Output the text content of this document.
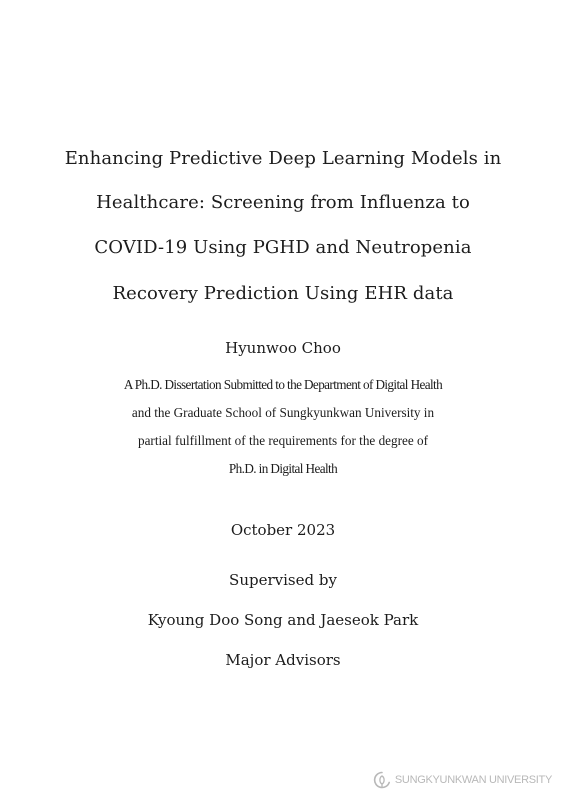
Enhancing Predictive Deep Learning Models in
Healthcare: Screening from Influenza to
COVID-19 Using PGHD and Neutropenia
Recovery Prediction Using EHR data
Hyunwoo Choo
A Ph.D. Dissertation Submitted to the Department of Digital Health
and the Graduate School of Sungkyunkwan University in
partial fulfillment of the requirements for the degree of
Ph.D. in Digital Health
October 2023
Supervised by
Kyoung Doo Song and Jaeseok Park
Major Advisors
SUNGKYUNKWAN UNIVERSITY
